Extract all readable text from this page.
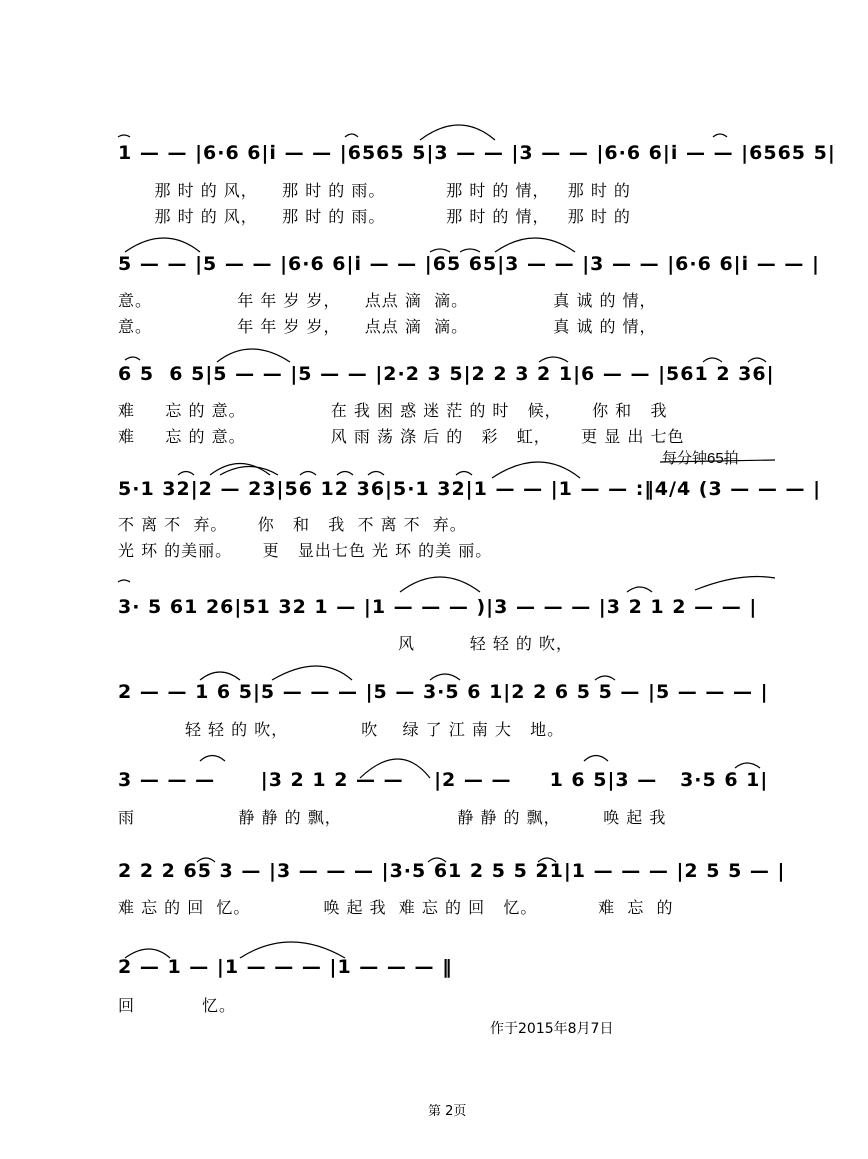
1 — — |6·6 6|i̇ — — |6565 5|3 — — |3 — — |6·6 6|i̇ — — |6565 5|
那 时 的 风，    那 时 的 雨。          那 时 的 情，   那 时 的
那 时 的 风，    那 时 的 雨。          那 时 的 情，   那 时 的
5 — — |5 — — |6·6 6|i̇ — — |65 65|3 — — |3 — — |6·6 6|i̇ — — |
意。              年 年 岁 岁，    点点 滴  滴。              真 诚 的 情，
意。              年 年 岁 岁，    点点 滴  滴。              真 诚 的 情，
6 5  6 5|5 — — |5 — — |2·2 3 5|2 2 3 2 1|6 — — |561 2 36|
难     忘 的 意。              在 我 困 惑 迷 茫 的 时   候，     你 和   我
难     忘 的 意。              风 雨 荡 涤 后 的   彩   虹，     更 显 出 七色
每分钟65拍
5·1 32|2 — 23|56 12 36|5·1 32|1 — — |1 — — :‖4/4 (3 — — — |
不 离 不  弃。     你   和   我  不 离 不  弃。
光 环 的美丽。     更   显出七色 光 环 的美 丽。
3· 5 61 26|51 32 1 — |1 — — — )|3 — — — |3 2 1 2 — — |
风         轻 轻 的 吹，
2 — — 1 6 5|5 — — — |5 — 3·5 6 1|2 2 6 5 5 — |5 — — — |
轻 轻 的 吹，            吹    绿 了 江 南 大   地。
3 — — —      |3 2 1 2 — —    |2 — —     1 6 5|3 —   3·5 6 1|
雨                 静 静 的 飘，                   静 静 的 飘，       唤 起 我
2 2 2 65 3 — |3 — — — |3·5 61 2 5 5 21|1 — — — |2 5 5 — |
难 忘 的 回  忆。            唤 起 我  难 忘 的 回   忆。          难  忘  的
2 — 1 — |1 — — — |1 — — — ‖
回           忆。
作于2015年8月7日
第 2页
